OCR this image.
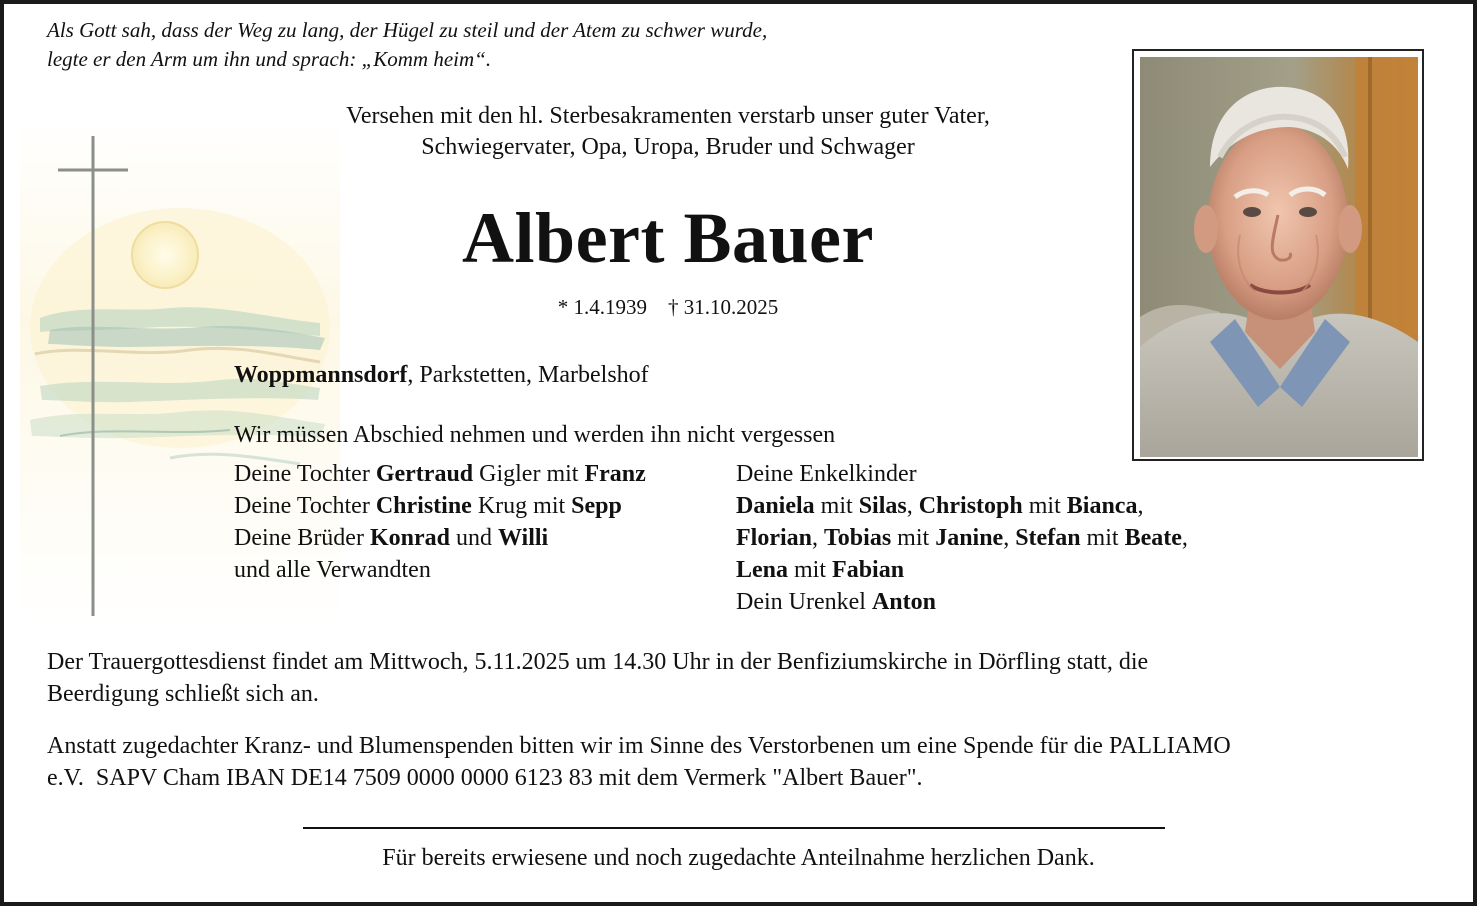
Als Gott sah, dass der Weg zu lang, der Hügel zu steil und der Atem zu schwer wurde,
legte er den Arm um ihn und sprach: „Komm heim“.
Versehen mit den hl. Sterbesakramenten verstarb unser guter Vater,
Schwiegervater, Opa, Uropa, Bruder und Schwager
Albert Bauer
* 1.4.1939    † 31.10.2025
Woppmannsdorf, Parkstetten, Marbelshof
Wir müssen Abschied nehmen und werden ihn nicht vergessen
Deine Tochter Gertraud Gigler mit Franz
Deine Tochter Christine Krug mit Sepp
Deine Brüder Konrad und Willi
und alle Verwandten
Deine Enkelkinder
Daniela mit Silas, Christoph mit Bianca,
Florian, Tobias mit Janine, Stefan mit Beate,
Lena mit Fabian
Dein Urenkel Anton
Der Trauergottesdienst findet am Mittwoch, 5.11.2025 um 14.30 Uhr in der Benfiziumskirche in Dörfling statt, die
Beerdigung schließt sich an.
Anstatt zugedachter Kranz- und Blumenspenden bitten wir im Sinne des Verstorbenen um eine Spende für die PALLIAMO
e.V.  SAPV Cham IBAN DE14 7509 0000 0000 6123 83 mit dem Vermerk "Albert Bauer".
Für bereits erwiesene und noch zugedachte Anteilnahme herzlichen Dank.
